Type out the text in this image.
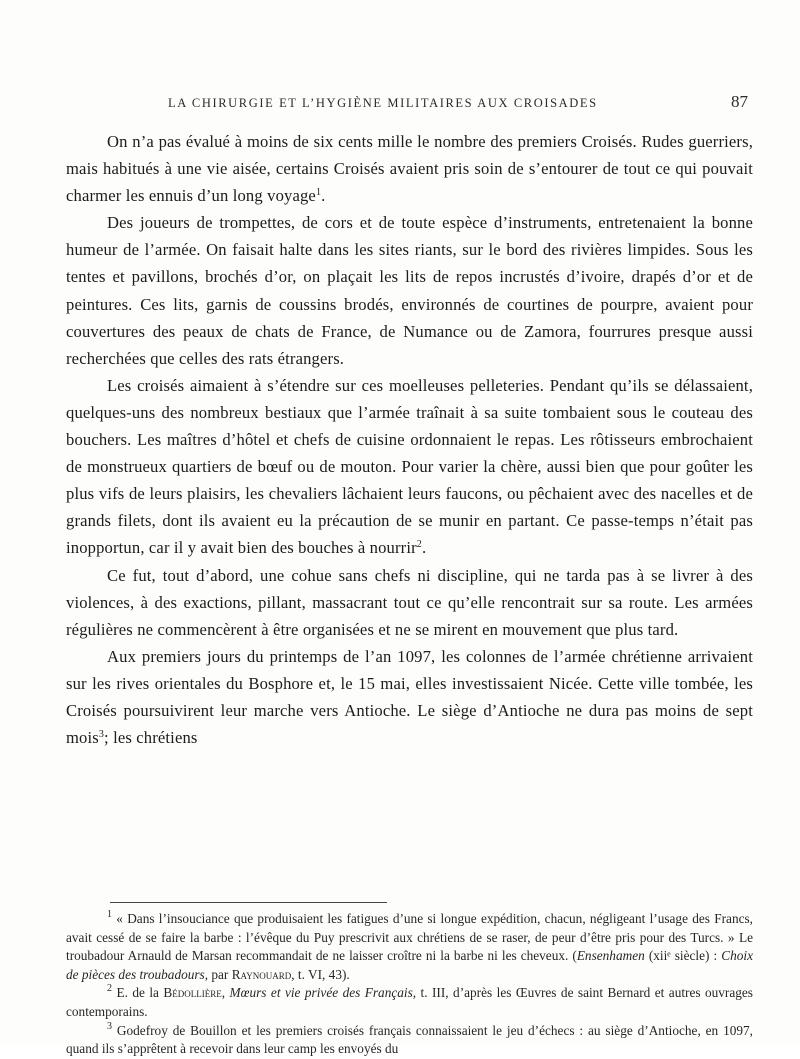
LA CHIRURGIE ET L’HYGIÈNE MILITAIRES AUX CROISADES	87

On n’a pas évalué à moins de six cents mille le nombre des premiers Croisés. Rudes guerriers, mais habitués à une vie aisée, certains Croisés avaient pris soin de s’entourer de tout ce qui pouvait charmer les ennuis d’un long voyage$^1$.

Des joueurs de trompettes, de cors et de toute espèce d’instruments, entretenaient la bonne humeur de l’armée. On faisait halte dans les sites riants, sur le bord des rivières limpides. Sous les tentes et pavillons, brochés d’or, on plaçait les lits de repos incrustés d’ivoire, drapés d’or et de peintures. Ces lits, garnis de coussins brodés, environnés de courtines de pourpre, avaient pour couvertures des peaux de chats de France, de Numance ou de Zamora, fourrures presque aussi recherchées que celles des rats étrangers.

Les croisés aimaient à s’étendre sur ces moelleuses pelleteries. Pendant qu’ils se délassaient, quelques-uns des nombreux bestiaux que l’armée traînait à sa suite tombaient sous le couteau des bouchers. Les maîtres d’hôtel et chefs de cuisine ordonnaient le repas. Les rôtisseurs embrochaient de monstrueux quartiers de bœuf ou de mouton. Pour varier la chère, aussi bien que pour goûter les plus vifs de leurs plaisirs, les chevaliers lâchaient leurs faucons, ou pêchaient avec des nacelles et de grands filets, dont ils avaient eu la précaution de se munir en partant. Ce passe-temps n’était pas inopportun, car il y avait bien des bouches à nourrir$^2$.

Ce fut, tout d’abord, une cohue sans chefs ni discipline, qui ne tarda pas à se livrer à des violences, à des exactions, pillant, massacrant tout ce qu’elle rencontrait sur sa route. Les armées régulières ne commencèrent à être organisées et ne se mirent en mouvement que plus tard.

Aux premiers jours du printemps de l’an 1097, les colonnes de l’armée chrétienne arrivaient sur les rives orientales du Bosphore et, le 15 mai, elles investissaient Nicée. Cette ville tombée, les Croisés poursuivirent leur marche vers Antioche. Le siège d’Antioche ne dura pas moins de sept mois$^3$; les chrétiens

$^1$ « Dans l’insouciance que produisaient les fatigues d’une si longue expédition, chacun, négligeant l’usage des Francs, avait cessé de se faire la barbe : l’évêque du Puy prescrivit aux chrétiens de se raser, de peur d’être pris pour des Turcs. » Le troubadour Arnauld de Marsan recommandait de ne laisser croître ni la barbe ni les cheveux. (Ensenhamen (xiiᵉ siècle) : Choix de pièces des troubadours, par Raynouard, t. VI, 43).

$^2$ E. de la Bédollière, Mœurs et vie privée des Français, t. III, d’après les Œuvres de saint Bernard et autres ouvrages contemporains.

$^3$ Godefroy de Bouillon et les premiers croisés français connaissaient le jeu d’échecs : au siège d’Antioche, en 1097, quand ils s’apprêtent à recevoir dans leur camp les envoyés du
